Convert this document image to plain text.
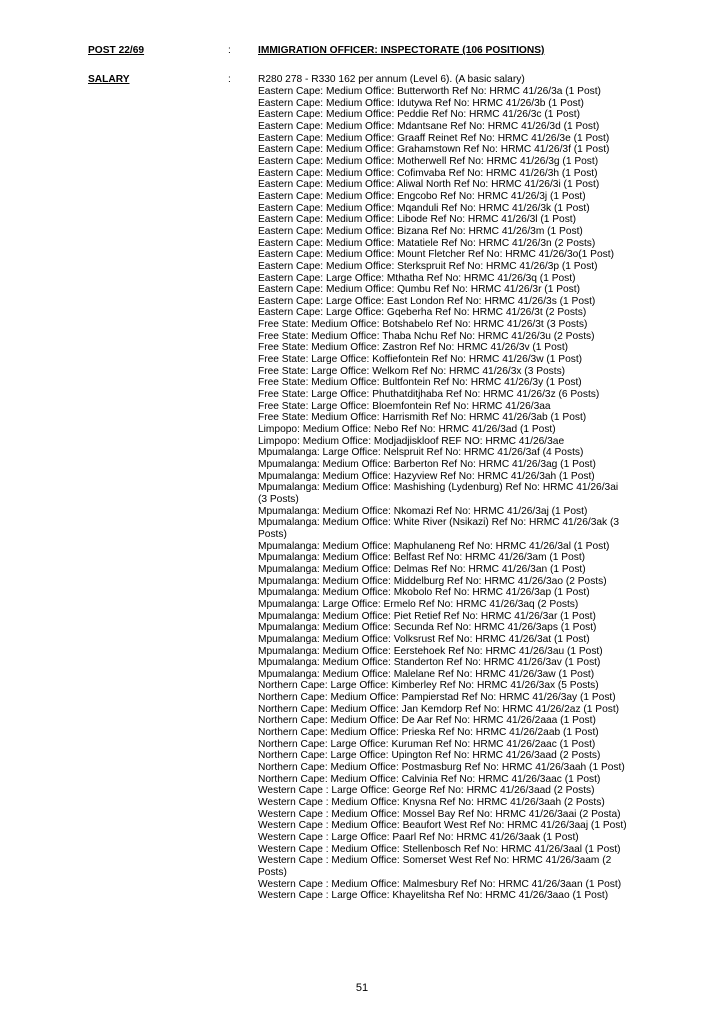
POST 22/69	:	IMMIGRATION OFFICER: INSPECTORATE (106 POSITIONS)
SALARY	:	R280 278 - R330 162 per annum (Level 6). (A basic salary)
Eastern Cape: Medium Office: Butterworth Ref No: HRMC 41/26/3a (1 Post)
Eastern Cape: Medium Office: Idutywa Ref No: HRMC 41/26/3b (1 Post)
Eastern Cape: Medium Office: Peddie Ref No: HRMC 41/26/3c (1 Post)
Eastern Cape: Medium Office: Mdantsane Ref No: HRMC 41/26/3d (1 Post)
Eastern Cape: Medium Office: Graaff Reinet Ref No: HRMC 41/26/3e (1 Post)
Eastern Cape: Medium Office: Grahamstown Ref No: HRMC 41/26/3f (1 Post)
Eastern Cape: Medium Office: Motherwell Ref No: HRMC 41/26/3g (1 Post)
Eastern Cape: Medium Office: Cofimvaba Ref No: HRMC 41/26/3h (1 Post)
Eastern Cape: Medium Office: Aliwal North Ref No: HRMC 41/26/3i (1 Post)
Eastern Cape: Medium Office: Engcobo Ref No: HRMC 41/26/3j (1 Post)
Eastern Cape: Medium Office: Mqanduli Ref No: HRMC 41/26/3k (1 Post)
Eastern Cape: Medium Office: Libode Ref No: HRMC 41/26/3l (1 Post)
Eastern Cape: Medium Office: Bizana Ref No: HRMC 41/26/3m (1 Post)
Eastern Cape: Medium Office: Matatiele Ref No: HRMC 41/26/3n (2 Posts)
Eastern Cape: Medium Office: Mount Fletcher Ref No: HRMC 41/26/3o(1 Post)
Eastern Cape: Medium Office: Sterkspruit Ref No: HRMC 41/26/3p (1 Post)
Eastern Cape: Large Office: Mthatha Ref No: HRMC 41/26/3q (1 Post)
Eastern Cape: Medium Office: Qumbu Ref No: HRMC 41/26/3r (1 Post)
Eastern Cape: Large Office: East London Ref No: HRMC 41/26/3s (1 Post)
Eastern Cape: Large Office: Gqeberha Ref No: HRMC 41/26/3t (2 Posts)
Free State: Medium Office: Botshabelo Ref No: HRMC 41/26/3t (3 Posts)
Free State: Medium Office: Thaba Nchu Ref No: HRMC 41/26/3u (2 Posts)
Free State: Medium Office: Zastron Ref No: HRMC 41/26/3v (1 Post)
Free State: Large Office: Koffiefontein Ref No: HRMC 41/26/3w (1 Post)
Free State: Large Office: Welkom Ref No: HRMC 41/26/3x (3 Posts)
Free State: Medium Office: Bultfontein Ref No: HRMC 41/26/3y (1 Post)
Free State: Large Office: Phuthatditjhaba Ref No: HRMC 41/26/3z (6 Posts)
Free State: Large Office: Bloemfontein Ref No: HRMC 41/26/3aa
Free State: Medium Office: Harrismith Ref No: HRMC 41/26/3ab (1 Post)
Limpopo: Medium Office: Nebo Ref No: HRMC 41/26/3ad (1 Post)
Limpopo: Medium Office: Modjadjiskloof REF NO: HRMC 41/26/3ae
Mpumalanga: Large Office: Nelspruit Ref No: HRMC 41/26/3af (4 Posts)
Mpumalanga: Medium Office: Barberton Ref No: HRMC 41/26/3ag (1 Post)
Mpumalanga: Medium Office: Hazyview Ref No: HRMC 41/26/3ah (1 Post)
Mpumalanga: Medium Office: Mashishing (Lydenburg) Ref No: HRMC 41/26/3ai
(3 Posts)
Mpumalanga: Medium Office: Nkomazi Ref No: HRMC 41/26/3aj (1 Post)
Mpumalanga: Medium Office: White River (Nsikazi) Ref No: HRMC 41/26/3ak (3
Posts)
Mpumalanga: Medium Office: Maphulaneng Ref No: HRMC 41/26/3al (1 Post)
Mpumalanga: Medium Office: Belfast Ref No: HRMC 41/26/3am (1 Post)
Mpumalanga: Medium Office: Delmas Ref No: HRMC 41/26/3an (1 Post)
Mpumalanga: Medium Office: Middelburg Ref No: HRMC 41/26/3ao (2 Posts)
Mpumalanga: Medium Office: Mkobolo Ref No: HRMC 41/26/3ap (1 Post)
Mpumalanga: Large Office: Ermelo Ref No: HRMC 41/26/3aq (2 Posts)
Mpumalanga: Medium Office: Piet Retief Ref No: HRMC 41/26/3ar (1 Post)
Mpumalanga: Medium Office: Secunda Ref No: HRMC 41/26/3aps (1 Post)
Mpumalanga: Medium Office: Volksrust Ref No: HRMC 41/26/3at (1 Post)
Mpumalanga: Medium Office: Eerstehoek Ref No: HRMC 41/26/3au (1 Post)
Mpumalanga: Medium Office: Standerton Ref No: HRMC 41/26/3av (1 Post)
Mpumalanga: Medium Office: Malelane Ref No: HRMC 41/26/3aw (1 Post)
Northern Cape: Large Office: Kimberley Ref No: HRMC 41/26/3ax (5 Posts)
Northern Cape: Medium Office: Pampierstad Ref No: HRMC 41/26/3ay (1 Post)
Northern Cape: Medium Office: Jan Kemdorp Ref No: HRMC 41/26/2az (1 Post)
Northern Cape: Medium Office: De Aar Ref No: HRMC 41/26/2aaa (1 Post)
Northern Cape: Medium Office: Prieska Ref No: HRMC 41/26/2aab (1 Post)
Northern Cape: Large Office: Kuruman Ref No: HRMC 41/26/2aac (1 Post)
Northern Cape: Large Office: Upington Ref No: HRMC 41/26/3aad (2 Posts)
Northern Cape: Medium Office: Postmasburg Ref No: HRMC 41/26/3aah (1 Post)
Northern Cape: Medium Office: Calvinia Ref No: HRMC 41/26/3aac (1 Post)
Western Cape : Large Office: George Ref No: HRMC 41/26/3aad (2 Posts)
Western Cape : Medium Office: Knysna Ref No: HRMC 41/26/3aah (2 Posts)
Western Cape : Medium Office: Mossel Bay Ref No: HRMC 41/26/3aai (2 Posta)
Western Cape : Medium Office: Beaufort West Ref No: HRMC 41/26/3aaj (1 Post)
Western Cape : Large Office: Paarl Ref No: HRMC 41/26/3aak (1 Post)
Western Cape : Medium Office: Stellenbosch Ref No: HRMC 41/26/3aal (1 Post)
Western Cape : Medium Office: Somerset West Ref No: HRMC 41/26/3aam (2
Posts)
Western Cape : Medium Office: Malmesbury Ref No: HRMC 41/26/3aan (1 Post)
Western Cape : Large Office: Khayelitsha Ref No: HRMC 41/26/3aao (1 Post)
51
